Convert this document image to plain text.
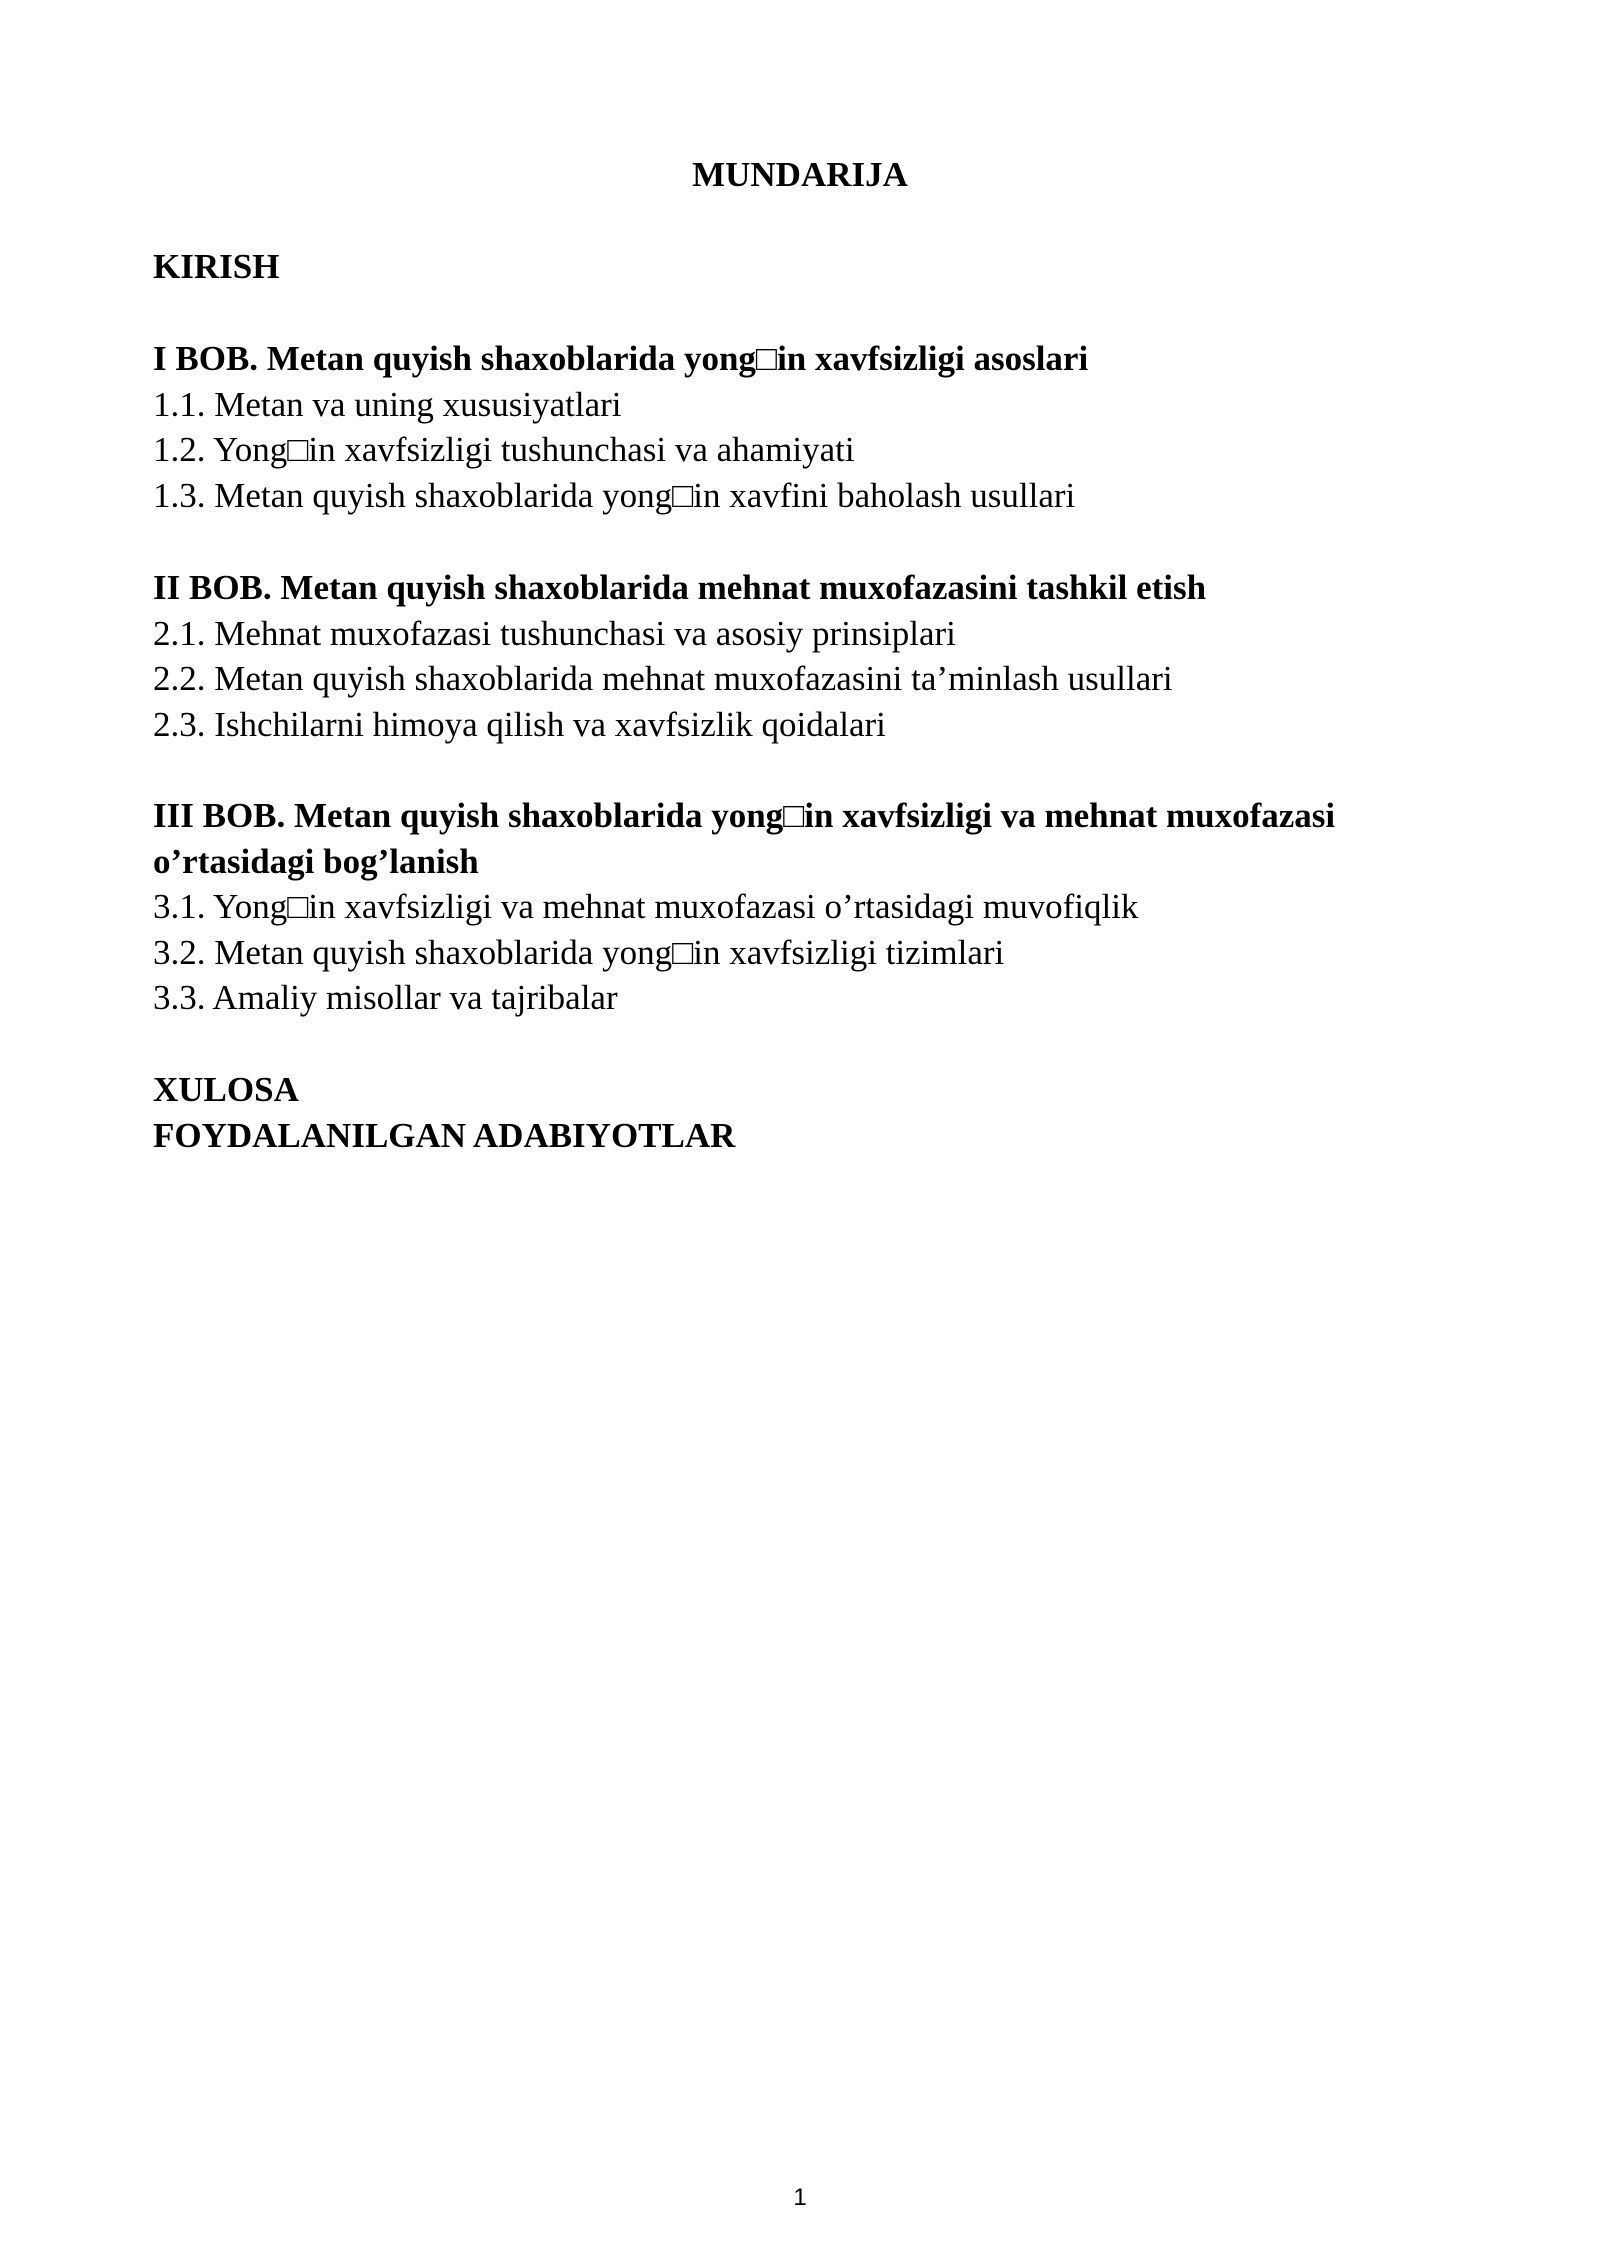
MUNDARIJA
KIRISH
I BOB. Metan quyish shaxoblarida yong□in xavfsizligi asoslari
1.1. Metan va uning xususiyatlari
1.2. Yong□in xavfsizligi tushunchasi va ahamiyati
1.3. Metan quyish shaxoblarida yong□in xavfini baholash usullari
II BOB. Metan quyish shaxoblarida mehnat muxofazasini tashkil etish
2.1. Mehnat muxofazasi tushunchasi va asosiy prinsiplari
2.2. Metan quyish shaxoblarida mehnat muxofazasini ta’minlash usullari
2.3. Ishchilarni himoya qilish va xavfsizlik qoidalari
III BOB. Metan quyish shaxoblarida yong□in xavfsizligi va mehnat muxofazasi o’rtasidagi bog’lanish
3.1. Yong□in xavfsizligi va mehnat muxofazasi o’rtasidagi muvofiqlik
3.2. Metan quyish shaxoblarida yong□in xavfsizligi tizimlari
3.3. Amaliy misollar va tajribalar
XULOSA
FOYDALANILGAN ADABIYOTLAR
1
